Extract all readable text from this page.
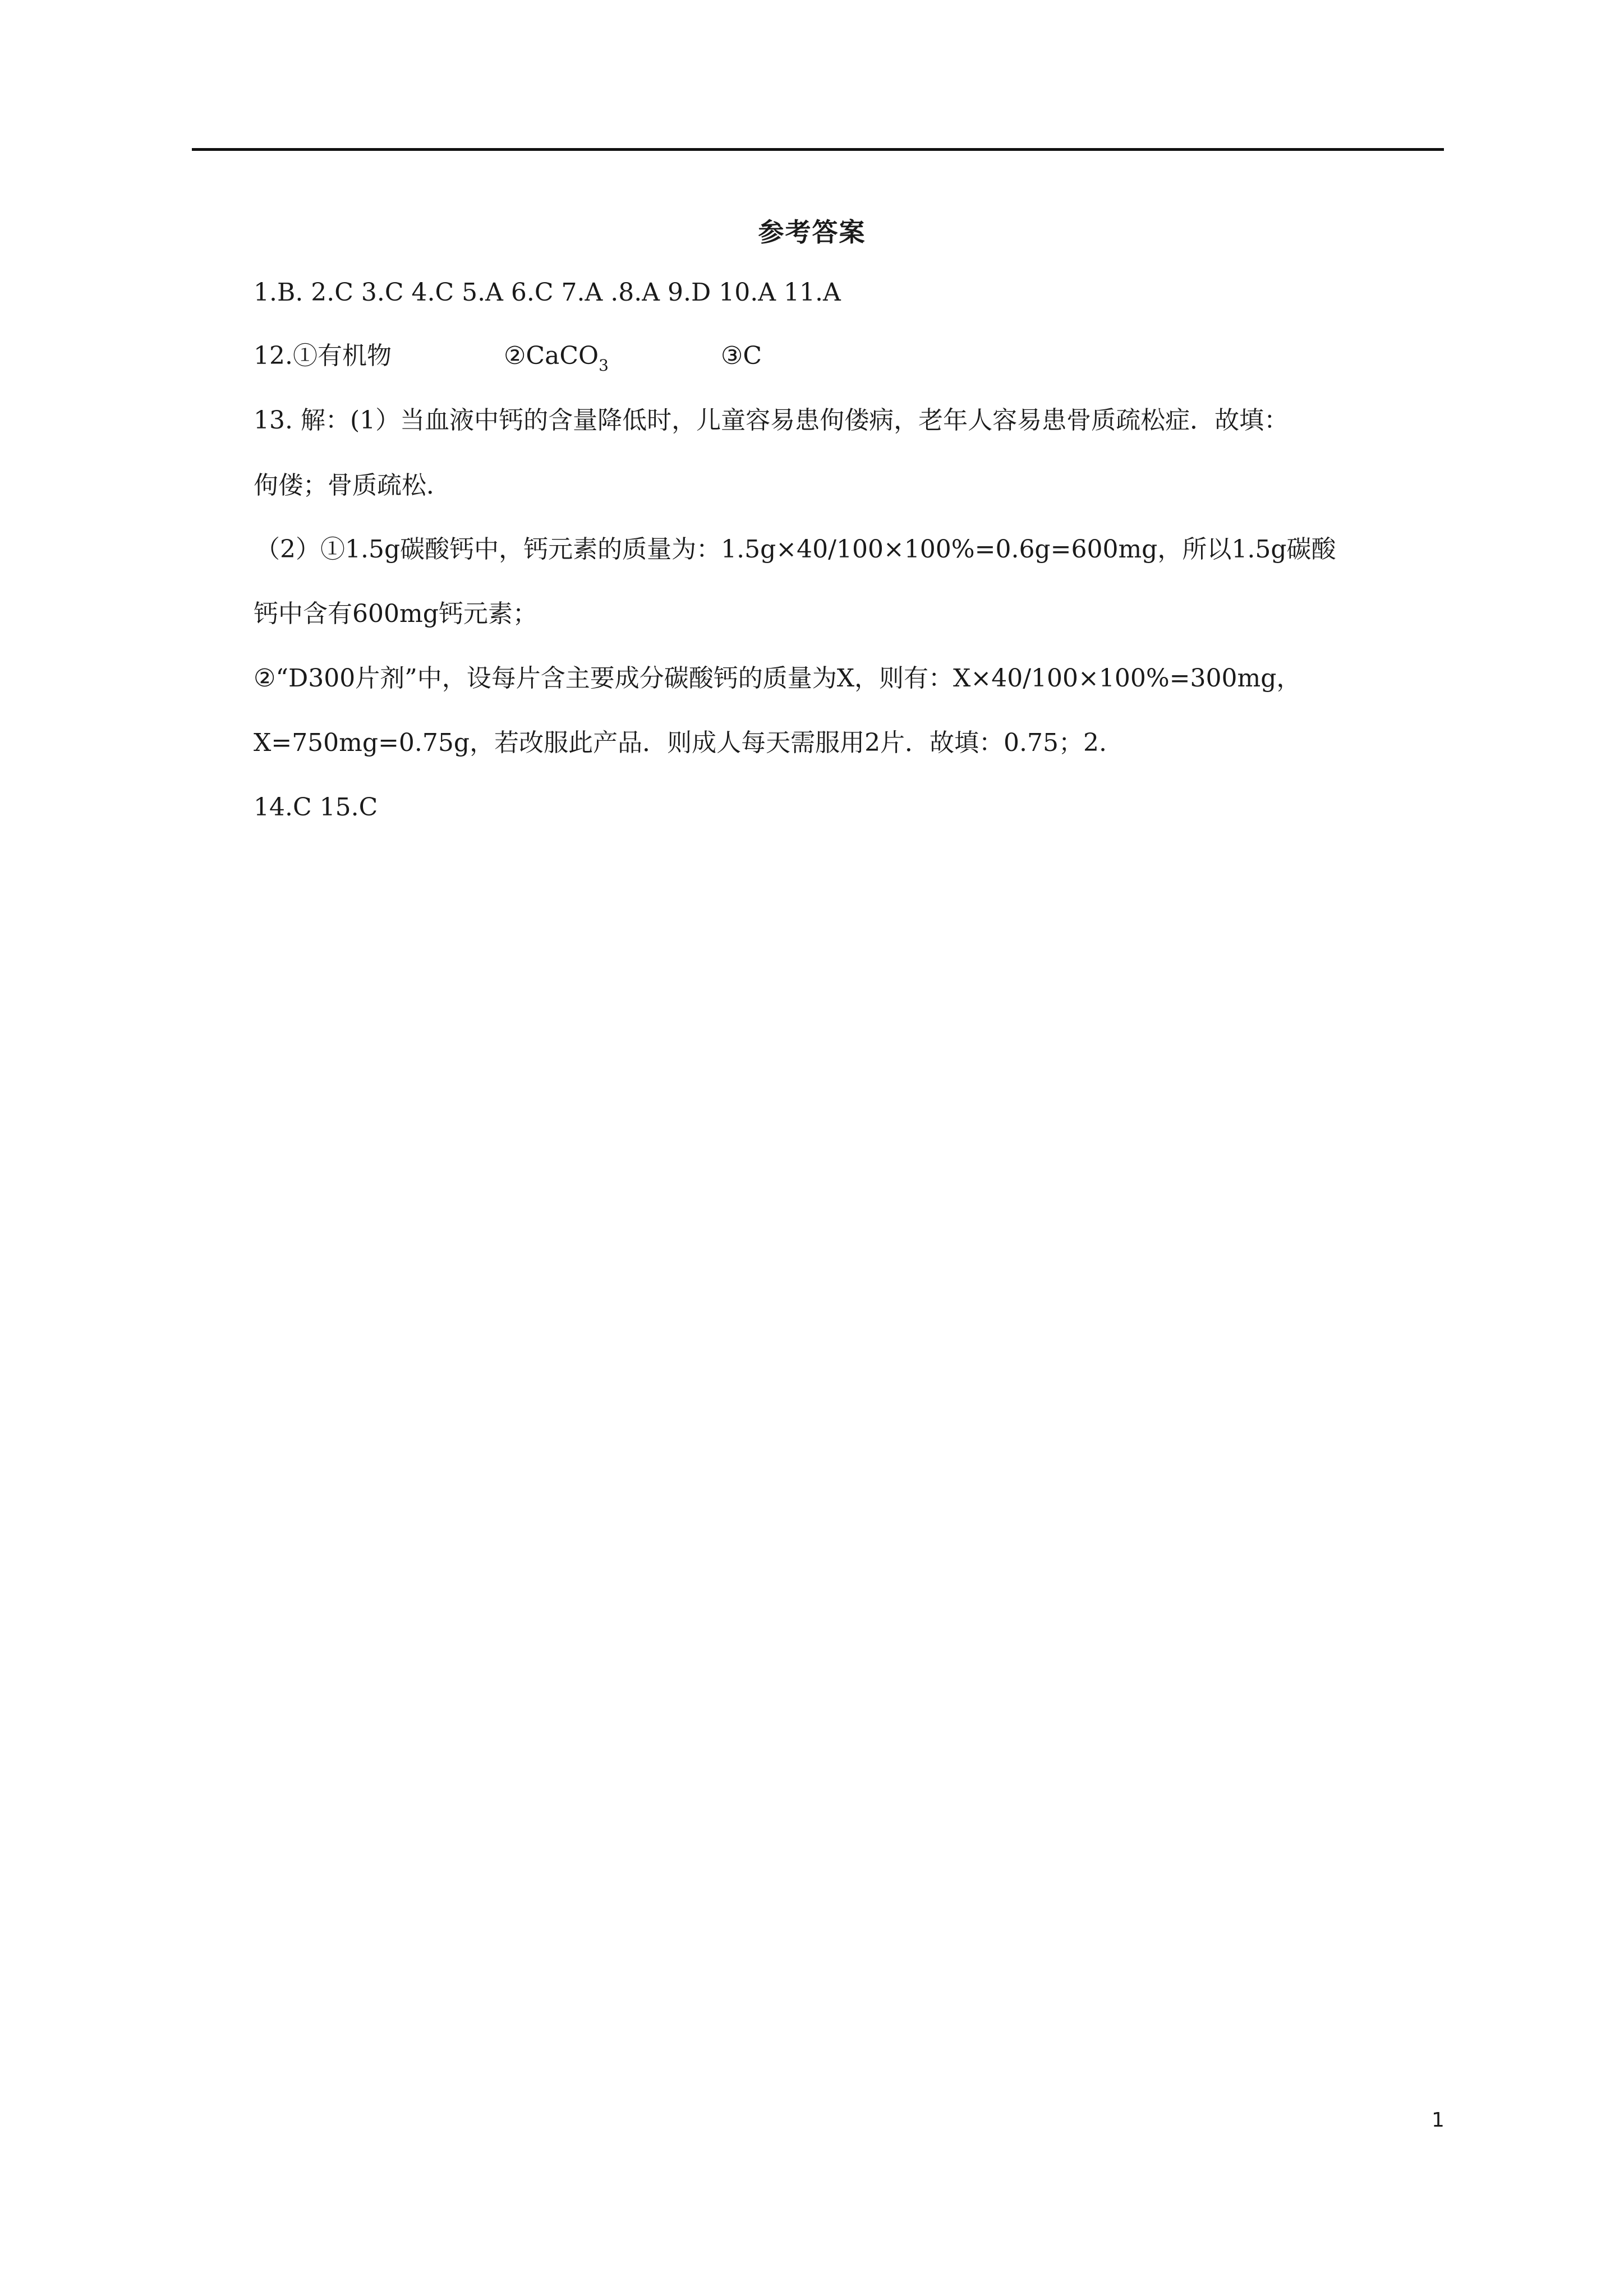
参考答案
1.B. 2.C 3.C 4.C 5.A 6.C 7.A .8.A 9.D 10.A 11.A
12.①有机物	②CaCO$_3$	③C
13. 解：(1）当血液中钙的含量降低时，儿童容易患佝偻病，老年人容易患骨质疏松症．故填：
佝偻；骨质疏松．
（2）①1.5g碳酸钙中，钙元素的质量为：1.5g×40/100×100%=0.6g=600mg，所以1.5g碳酸
钙中含有600mg钙元素；
②“D300片剂”中，设每片含主要成分碳酸钙的质量为X，则有：X×40/100×100%=300mg，
X=750mg=0.75g，若改服此产品．则成人每天需服用2片．故填：0.75；2.
14.C 15.C
1
